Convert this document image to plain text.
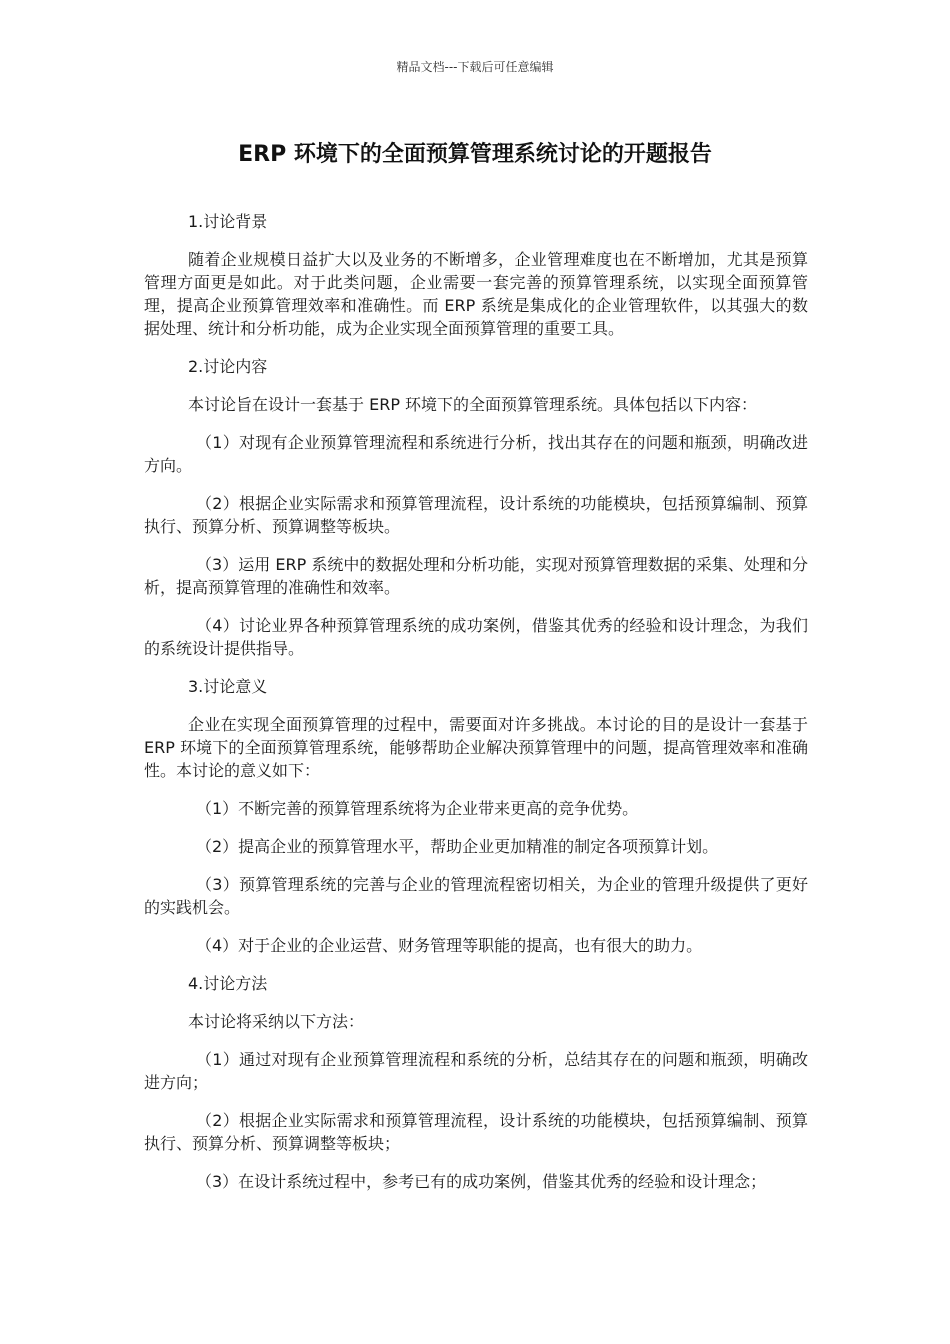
精品文档---下载后可任意编辑
ERP 环境下的全面预算管理系统讨论的开题报告

1.讨论背景

随着企业规模日益扩大以及业务的不断增多，企业管理难度也在不断增加，尤其是预算管理方面更是如此。对于此类问题，企业需要一套完善的预算管理系统，以实现全面预算管理，提高企业预算管理效率和准确性。而 ERP 系统是集成化的企业管理软件，以其强大的数据处理、统计和分析功能，成为企业实现全面预算管理的重要工具。

2.讨论内容

本讨论旨在设计一套基于 ERP 环境下的全面预算管理系统。具体包括以下内容：

（1）对现有企业预算管理流程和系统进行分析，找出其存在的问题和瓶颈，明确改进方向。

（2）根据企业实际需求和预算管理流程，设计系统的功能模块，包括预算编制、预算执行、预算分析、预算调整等板块。

（3）运用 ERP 系统中的数据处理和分析功能，实现对预算管理数据的采集、处理和分析，提高预算管理的准确性和效率。

（4）讨论业界各种预算管理系统的成功案例，借鉴其优秀的经验和设计理念，为我们的系统设计提供指导。

3.讨论意义

企业在实现全面预算管理的过程中，需要面对许多挑战。本讨论的目的是设计一套基于 ERP 环境下的全面预算管理系统，能够帮助企业解决预算管理中的问题，提高管理效率和准确性。本讨论的意义如下：

（1）不断完善的预算管理系统将为企业带来更高的竞争优势。

（2）提高企业的预算管理水平，帮助企业更加精准的制定各项预算计划。

（3）预算管理系统的完善与企业的管理流程密切相关，为企业的管理升级提供了更好的实践机会。

（4）对于企业的企业运营、财务管理等职能的提高，也有很大的助力。

4.讨论方法

本讨论将采纳以下方法：

（1）通过对现有企业预算管理流程和系统的分析，总结其存在的问题和瓶颈，明确改进方向；

（2）根据企业实际需求和预算管理流程，设计系统的功能模块，包括预算编制、预算执行、预算分析、预算调整等板块；

（3）在设计系统过程中，参考已有的成功案例，借鉴其优秀的经验和设计理念；
